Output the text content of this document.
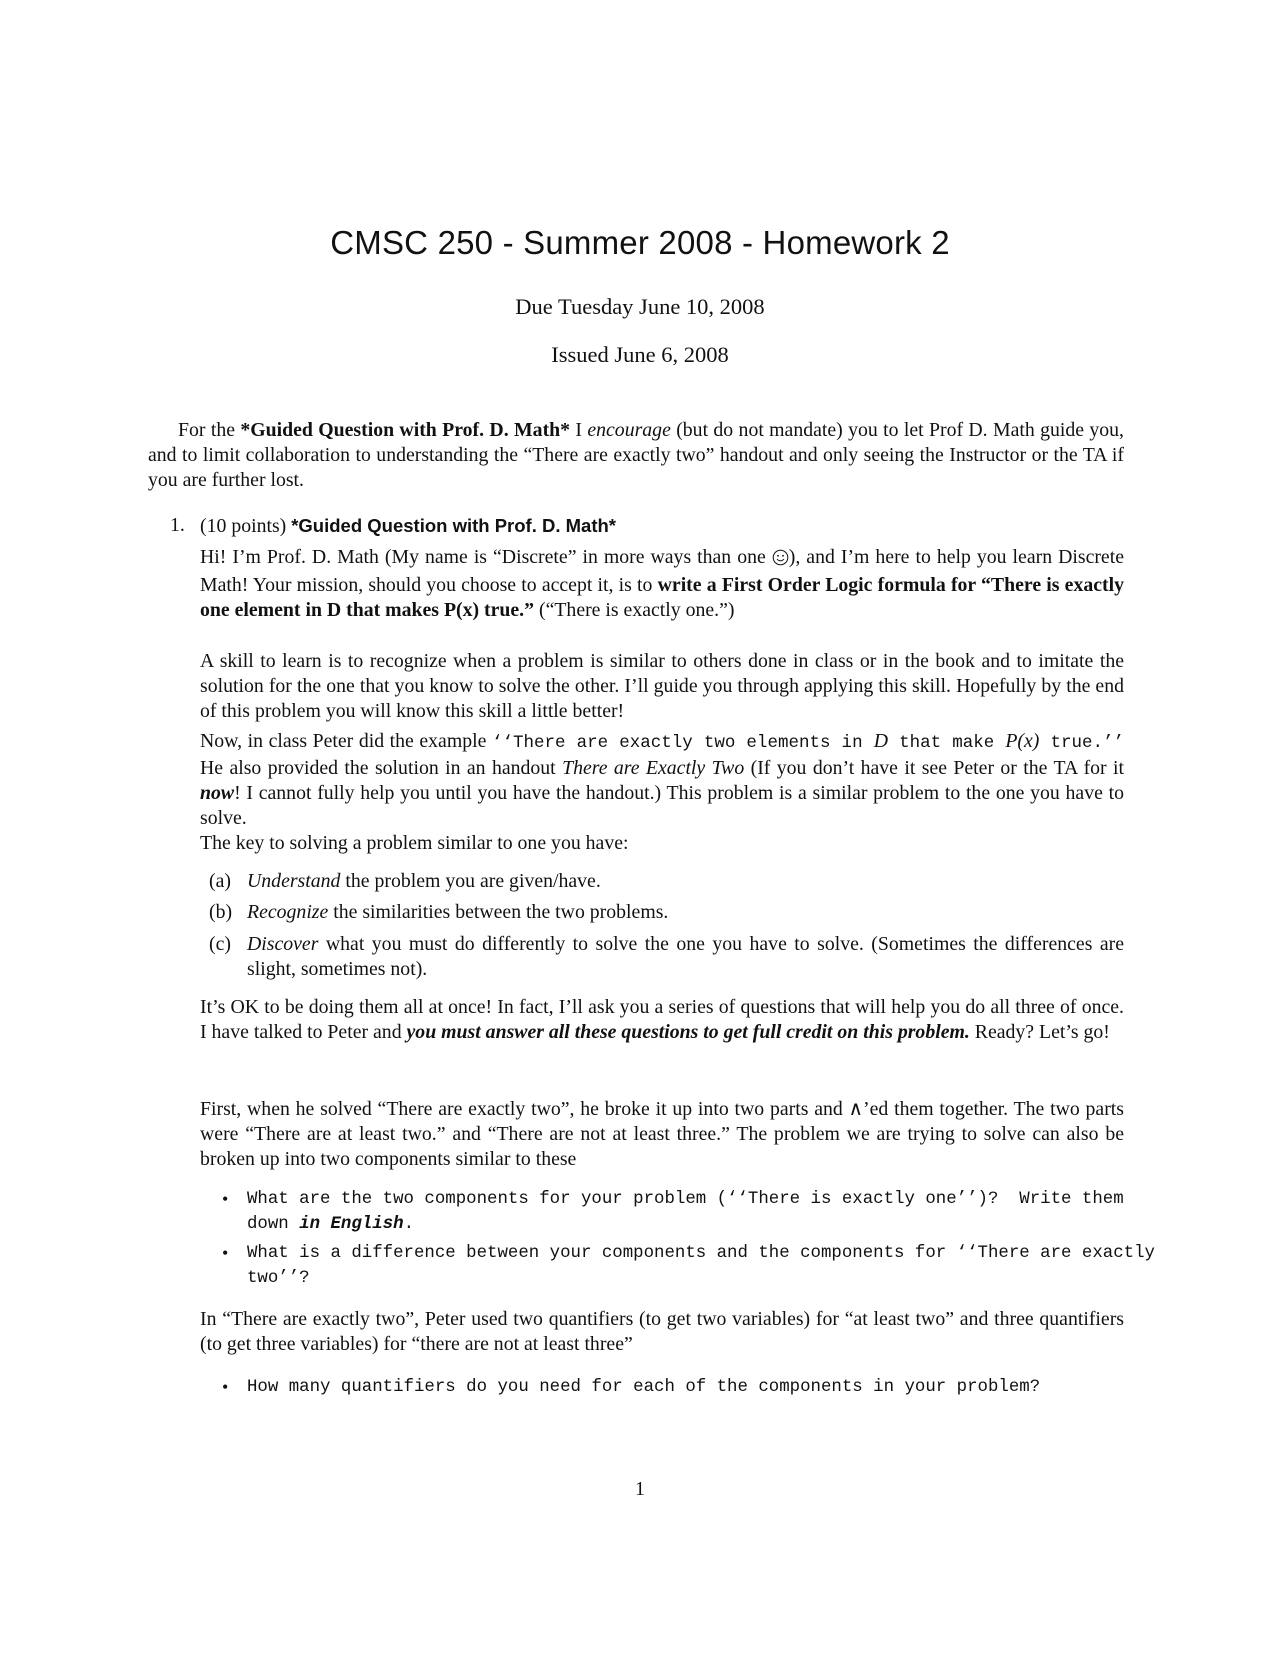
CMSC 250 - Summer 2008 - Homework 2
Due Tuesday June 10, 2008
Issued June 6, 2008
For the *Guided Question with Prof. D. Math* I encourage (but do not mandate) you to let Prof D. Math guide you, and to limit collaboration to understanding the “There are exactly two” handout and only seeing the Instructor or the TA if you are further lost.
1. (10 points) *Guided Question with Prof. D. Math*
Hi! I’m Prof. D. Math (My name is “Discrete” in more ways than one ), and I’m here to help you learn Discrete Math! Your mission, should you choose to accept it, is to write a First Order Logic formula for “There is exactly one element in D that makes P(x) true.” (“There is exactly one.”)
A skill to learn is to recognize when a problem is similar to others done in class or in the book and to imitate the solution for the one that you know to solve the other. I’ll guide you through applying this skill. Hopefully by the end of this problem you will know this skill a little better!
Now, in class Peter did the example ‘‘There are exactly two elements in D that make P(x) true.’’ He also provided the solution in an handout There are Exactly Two (If you don’t have it see Peter or the TA for it now! I cannot fully help you until you have the handout.) This problem is a similar problem to the one you have to solve.
The key to solving a problem similar to one you have:
(a) Understand the problem you are given/have.
(b) Recognize the similarities between the two problems.
(c) Discover what you must do differently to solve the one you have to solve. (Sometimes the differences are slight, sometimes not).
It’s OK to be doing them all at once! In fact, I’ll ask you a series of questions that will help you do all three of once. I have talked to Peter and you must answer all these questions to get full credit on this problem. Ready? Let’s go!
First, when he solved “There are exactly two”, he broke it up into two parts and ∧’ed them together. The two parts were “There are at least two.” and “There are not at least three.” The problem we are trying to solve can also be broken up into two components similar to these
• What are the two components for your problem (‘‘There is exactly one’’)?  Write them
down in English.
• What is a difference between your components and the components for ‘‘There are exactly
two’’?
In “There are exactly two”, Peter used two quantifiers (to get two variables) for “at least two” and three quantifiers (to get three variables) for “there are not at least three”
• How many quantifiers do you need for each of the components in your problem?
1
